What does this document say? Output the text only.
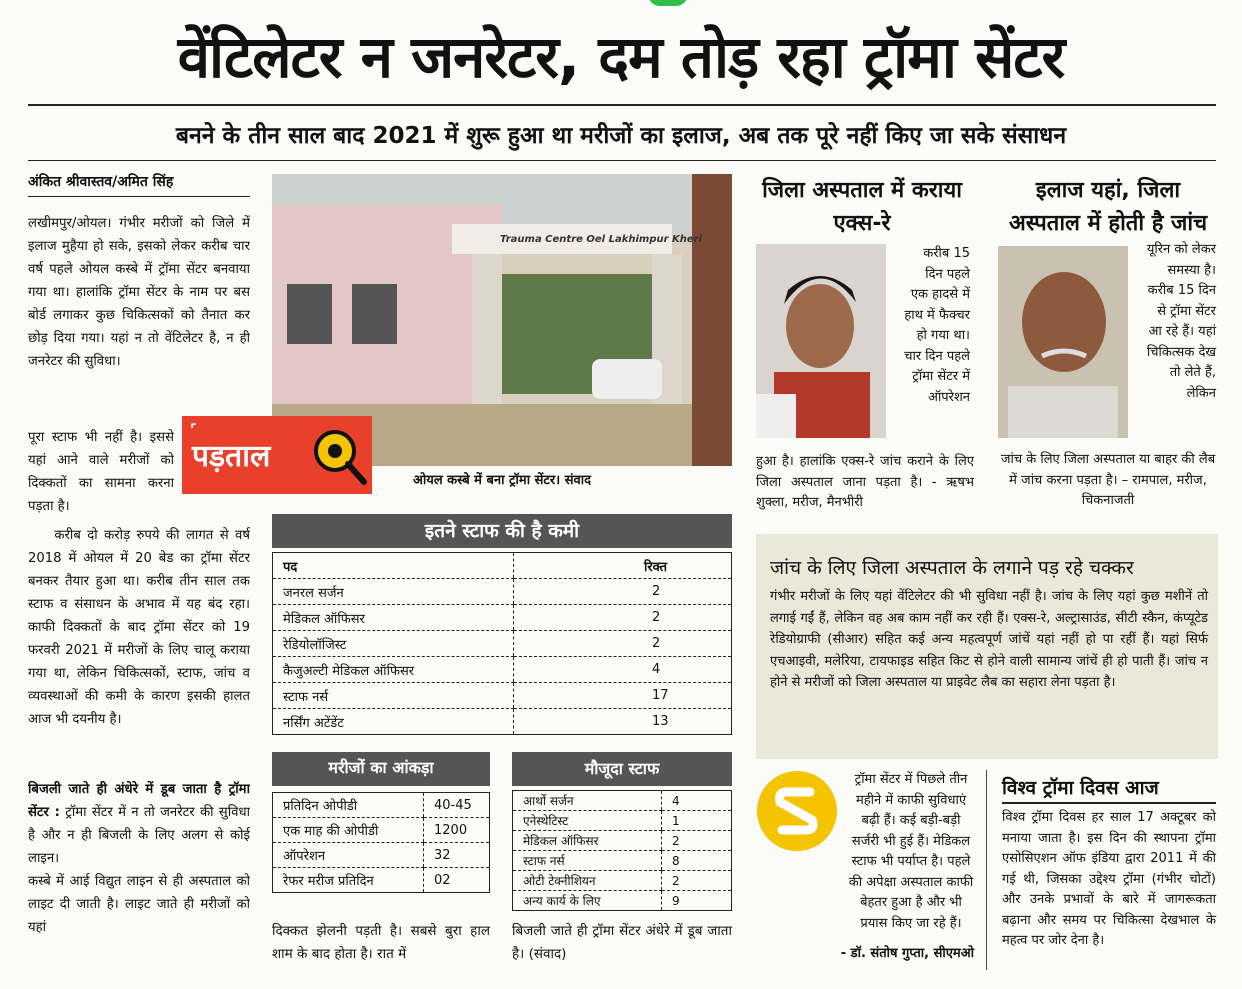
वेंटिलेटर न जनरेटर, दम तोड़ रहा ट्रॉमा सेंटर
बनने के तीन साल बाद 2021 में शुरू हुआ था मरीजों का इलाज, अब तक पूरे नहीं किए जा सके संसाधन
अंकित श्रीवास्तव/अमित सिंह

लखीमपुर/ओयल। गंभीर मरीजों को जिले में इलाज मुहैया हो सके, इसको लेकर करीब चार वर्ष पहले ओयल कस्बे में ट्रॉमा सेंटर बनवाया गया था। हालांकि ट्रॉमा सेंटर के नाम पर बस बोर्ड लगाकर कुछ चिकित्सकों को तैनात कर छोड़ दिया गया। यहां न तो वेंटिलेटर है, न ही जनरेटर की सुविधा।

पूरा स्टाफ भी नहीं है। इससे यहां आने वाले मरीजों को दिक्कतों का सामना करना पड़ता है।

करीब दो करोड़ रुपये की लागत से वर्ष 2018 में ओयल में 20 बेड का ट्रॉमा सेंटर बनकर तैयार हुआ था। करीब तीन साल तक स्टाफ व संसाधन के अभाव में यह बंद रहा। काफी दिक्कतों के बाद ट्रॉमा सेंटर को 19 फरवरी 2021 में मरीजों के लिए चालू कराया गया था, लेकिन चिकित्सकों, स्टाफ, जांच व व्यवस्थाओं की कमी के कारण इसकी हालत आज भी दयनीय है।

बिजली जाते ही अंधेरे में डूब जाता है ट्रॉमा सेंटर : ट्रॉमा सेंटर में न तो जनरेटर की सुविधा है और न ही बिजली के लिए अलग से कोई लाइन।

कस्बे में आई विद्युत लाइन से ही अस्पताल को लाइट दी जाती है। लाइट जाते ही मरीजों को यहां

Trauma Centre Oel Lakhimpur Kheri
ओयल कस्बे में बना ट्रॉमा सेंटर। संवाद
⌜
पड़ताल
इतने स्टाफ की है कमी
पद	रिक्त
जनरल सर्जन	2
मेडिकल ऑफिसर	2
रेडियोलॉजिस्ट	2
कैजुअल्टी मेडिकल ऑफिसर	4
स्टाफ नर्स	17
नर्सिंग अटेंडेंट	13
मरीजों का आंकड़ा
प्रतिदिन ओपीडी	40-45
एक माह की ओपीडी	1200
ऑपरेशन	32
रेफर मरीज प्रतिदिन	02
मौजूदा स्टाफ
आर्थो सर्जन	4
एनेस्थेटिस्ट	1
मेडिकल ऑफिसर	2
स्टाफ नर्स	8
ओटी टेक्नीशियन	2
अन्य कार्य के लिए	9
दिक्कत झेलनी पड़ती है। सबसे बुरा हाल शाम के बाद होता है। रात में
बिजली जाते ही ट्रॉमा सेंटर अंधेरे में डूब जाता है। (संवाद)
जिला अस्पताल में कराया एक्स-रे
करीब 15 दिन पहले एक हादसे में हाथ में फैक्चर हो गया था। चार दिन पहले ट्रॉमा सेंटर में ऑपरेशन
हुआ है। हालांकि एक्स-रे जांच कराने के लिए जिला अस्पताल जाना पड़ता है। - ऋषभ शुक्ला, मरीज, मैनभीरी
इलाज यहां, जिला अस्पताल में होती है जांच
यूरिन को लेकर समस्या है। करीब 15 दिन से ट्रॉमा सेंटर आ रहे हैं। यहां चिकित्सक देख तो लेते हैं, लेकिन
जांच के लिए जिला अस्पताल या बाहर की लैब में जांच करना पड़ता है। – रामपाल, मरीज, चिकनाजती
जांच के लिए जिला अस्पताल के लगाने पड़ रहे चक्कर
गंभीर मरीजों के लिए यहां वेंटिलेटर की भी सुविधा नहीं है। जांच के लिए यहां कुछ मशीनें तो लगाई गईं हैं, लेकिन वह अब काम नहीं कर रही हैं। एक्स-रे, अल्ट्रासाउंड, सीटी स्कैन, कंप्यूटेड रेडियोग्राफी (सीआर) सहित कई अन्य महत्वपूर्ण जांचें यहां नहीं हो पा रहीं हैं। यहां सिर्फ एचआइवी, मलेरिया, टायफाइड सहित किट से होने वाली सामान्य जांचें ही हो पाती हैं। जांच न होने से मरीजों को जिला अस्पताल या प्राइवेट लैब का सहारा लेना पड़ता है।
ट्रॉमा सेंटर में पिछले तीन महीने में काफी सुविधाएं बढ़ी हैं। कई बड़ी-बड़ी सर्जरी भी हुई हैं। मेडिकल स्टाफ भी पर्याप्त है। पहले की अपेक्षा अस्पताल काफी बेहतर हुआ है और भी प्रयास किए जा रहे हैं।
- डॉ. संतोष गुप्ता, सीएमओ
विश्व ट्रॉमा दिवस आज
विश्व ट्रॉमा दिवस हर साल 17 अक्टूबर को मनाया जाता है। इस दिन की स्थापना ट्रॉमा एसोसिएशन ऑफ इंडिया द्वारा 2011 में की गई थी, जिसका उद्देश्य ट्रॉमा (गंभीर चोटों) और उनके प्रभावों के बारे में जागरूकता बढ़ाना और समय पर चिकित्सा देखभाल के महत्व पर जोर देना है।
